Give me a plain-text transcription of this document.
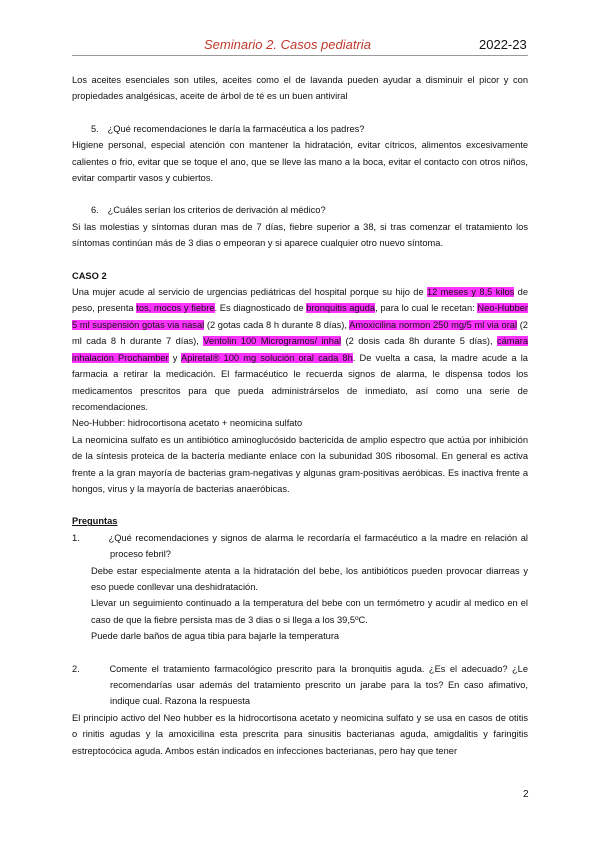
Seminario 2. Casos pediatria	2022-23

Los aceites esenciales son utiles, aceites como el de lavanda pueden ayudar a disminuir el picor y con propiedades analgésicas, aceite de árbol de té es un buen antiviral

5. ¿Qué recomendaciones le daría la farmacéutica a los padres?

Higiene personal, especial atención con mantener la hidratación, evitar cítricos, alimentos excesivamente calientes o frio, evitar que se toque el ano, que se lleve las mano a la boca, evitar el contacto con otros niños, evitar compartir vasos y cubiertos.

6. ¿Cuáles serían los criterios de derivación al médico?

Si las molestias y síntomas duran mas de 7 días, fiebre superior a 38, si tras comenzar el tratamiento los síntomas continúan más de 3 dias o empeoran y si aparece cualquier otro nuevo síntoma.

CASO 2

Una mujer acude al servicio de urgencias pediátricas del hospital porque su hijo de 12 meses y 8,5 kilos de peso, presenta tos, mocos y fiebre. Es diagnosticado de bronquitis aguda, para lo cual le recetan: Neo-Hubber 5 ml suspensión gotas via nasal (2 gotas cada 8 h durante 8 días), Amoxicilina normon 250 mg/5 ml via oral (2 ml cada 8 h durante 7 días), Ventolin 100 Microgramos/ inhal (2 dosis cada 8h durante 5 días), cámara inhalación Prochamber y Apiretal® 100 mg solución oral cada 8h. De vuelta a casa, la madre acude a la farmacia a retirar la medicación. El farmacéutico le recuerda signos de alarma, le dispensa todos los medicamentos prescritos para que pueda administrárselos de inmediato, así como una serie de recomendaciones.

Neo-Hubber: hidrocortisona acetato + neomicina sulfato

La neomicina sulfato es un antibiótico aminoglucósido bactericida de amplio espectro que actúa por inhibición de la síntesis proteica de la bacteria mediante enlace con la subunidad 30S ribosomal. En general es activa frente a la gran mayoría de bacterias gram-negativas y algunas gram-positivas aeróbicas. Es inactiva frente a hongos, virus y la mayoría de bacterias anaeróbicas.

Preguntas

1.	¿Qué recomendaciones y signos de alarma le recordaría el farmacéutico a la madre en relación al proceso febril?

Debe estar especialmente atenta a la hidratación del bebe, los antibióticos pueden provocar diarreas y eso puede conllevar una deshidratación.

Llevar un seguimiento continuado a la temperatura del bebe con un termómetro y acudir al medico en el caso de que la fiebre persista mas de 3 dias o si llega a los 39,5ºC.

Puede darle baños de agua tibia para bajarle la temperatura

2.	Comente el tratamiento farmacológico prescrito para la bronquitis aguda. ¿Es el adecuado? ¿Le recomendarías usar además del tratamiento prescrito un jarabe para la tos? En caso afimativo, indique cual. Razona la respuesta

El principio activo del Neo hubber es la hidrocortisona acetato y neomicina sulfato y se usa en casos de otitis o rinitis agudas y la amoxicilina esta prescrita para sinusitis bacterianas aguda, amigdalitis y faringitis estreptocócica aguda. Ambos están indicados en infecciones bacterianas, pero hay que tener

2
